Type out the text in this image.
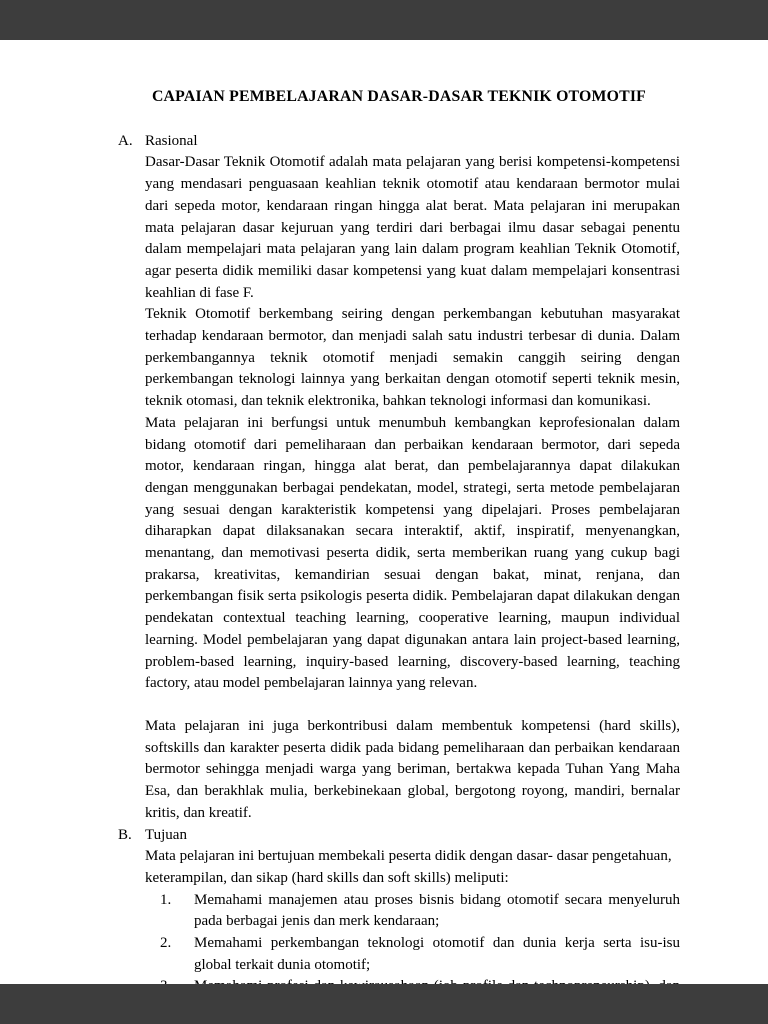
CAPAIAN PEMBELAJARAN DASAR-DASAR TEKNIK OTOMOTIF
A. Rasional

Dasar-Dasar Teknik Otomotif adalah mata pelajaran yang berisi kompetensi-kompetensi yang mendasari penguasaan keahlian teknik otomotif atau kendaraan bermotor mulai dari sepeda motor, kendaraan ringan hingga alat berat. Mata pelajaran ini merupakan mata pelajaran dasar kejuruan yang terdiri dari berbagai ilmu dasar sebagai penentu dalam mempelajari mata pelajaran yang lain dalam program keahlian Teknik Otomotif, agar peserta didik memiliki dasar kompetensi yang kuat dalam mempelajari konsentrasi keahlian di fase F.

Teknik Otomotif berkembang seiring dengan perkembangan kebutuhan masyarakat terhadap kendaraan bermotor, dan menjadi salah satu industri terbesar di dunia. Dalam perkembangannya teknik otomotif menjadi semakin canggih seiring dengan perkembangan teknologi lainnya yang berkaitan dengan otomotif seperti teknik mesin, teknik otomasi, dan teknik elektronika, bahkan teknologi informasi dan komunikasi.

Mata pelajaran ini berfungsi untuk menumbuh kembangkan keprofesionalan dalam bidang otomotif dari pemeliharaan dan perbaikan kendaraan bermotor, dari sepeda motor, kendaraan ringan, hingga alat berat, dan pembelajarannya dapat dilakukan dengan menggunakan berbagai pendekatan, model, strategi, serta metode pembelajaran yang sesuai dengan karakteristik kompetensi yang dipelajari. Proses pembelajaran diharapkan dapat dilaksanakan secara interaktif, aktif, inspiratif, menyenangkan, menantang, dan memotivasi peserta didik, serta memberikan ruang yang cukup bagi prakarsa, kreativitas, kemandirian sesuai dengan bakat, minat, renjana, dan perkembangan fisik serta psikologis peserta didik. Pembelajaran dapat dilakukan dengan pendekatan contextual teaching learning, cooperative learning, maupun individual learning. Model pembelajaran yang dapat digunakan antara lain project-based learning, problem-based learning, inquiry-based learning, discovery-based learning, teaching factory, atau model pembelajaran lainnya yang relevan.

Mata pelajaran ini juga berkontribusi dalam membentuk kompetensi (hard skills), softskills dan karakter peserta didik pada bidang pemeliharaan dan perbaikan kendaraan bermotor sehingga menjadi warga yang beriman, bertakwa kepada Tuhan Yang Maha Esa, dan berakhlak mulia, berkebinekaan global, bergotong royong, mandiri, bernalar kritis, dan kreatif.

B. Tujuan

Mata pelajaran ini bertujuan membekali peserta didik dengan dasar- dasar pengetahuan, keterampilan, dan sikap (hard skills dan soft skills) meliputi:

1.	Memahami manajemen atau proses bisnis bidang otomotif secara menyeluruh pada berbagai jenis dan merk kendaraan;
2.	Memahami perkembangan teknologi otomotif dan dunia kerja serta isu-isu global terkait dunia otomotif;
